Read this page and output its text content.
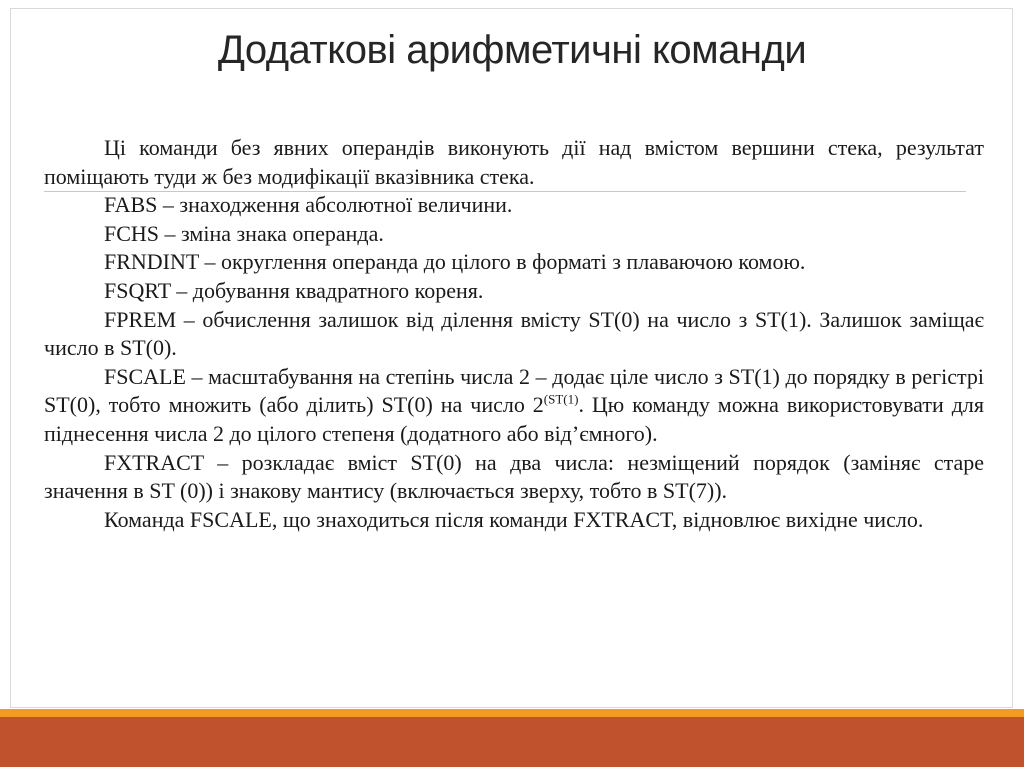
Додаткові арифметичні команди

Ці команди без явних операндів виконують дії над вмістом вершини стека, результат поміщають туди ж без модифікації вказівника стека.

FABS – знаходження абсолютної величини.

FCHS – зміна знака операнда.

FRNDINT – округлення операнда до цілого в форматі з плаваючою комою.

FSQRT – добування квадратного кореня.

FPREM – обчислення залишок від ділення вмісту ST(0) на число з ST(1). Залишок заміщає число в ST(0).

FSCALE – масштабування на степінь числа 2 – додає ціле число з ST(1) до порядку в регістрі ST(0), тобто множить (або ділить) ST(0) на число $2^{(ST(1)}$. Цю команду можна використовувати для піднесення числа 2 до цілого степеня (додатного або від’ємного).

FXTRACT – розкладає вміст ST(0) на два числа: незміщений порядок (заміняє старе значення в ST (0)) і знакову мантису (включається зверху, тобто в ST(7)).

Команда FSCALE, що знаходиться після команди FXTRACT, відновлює вихідне число.
